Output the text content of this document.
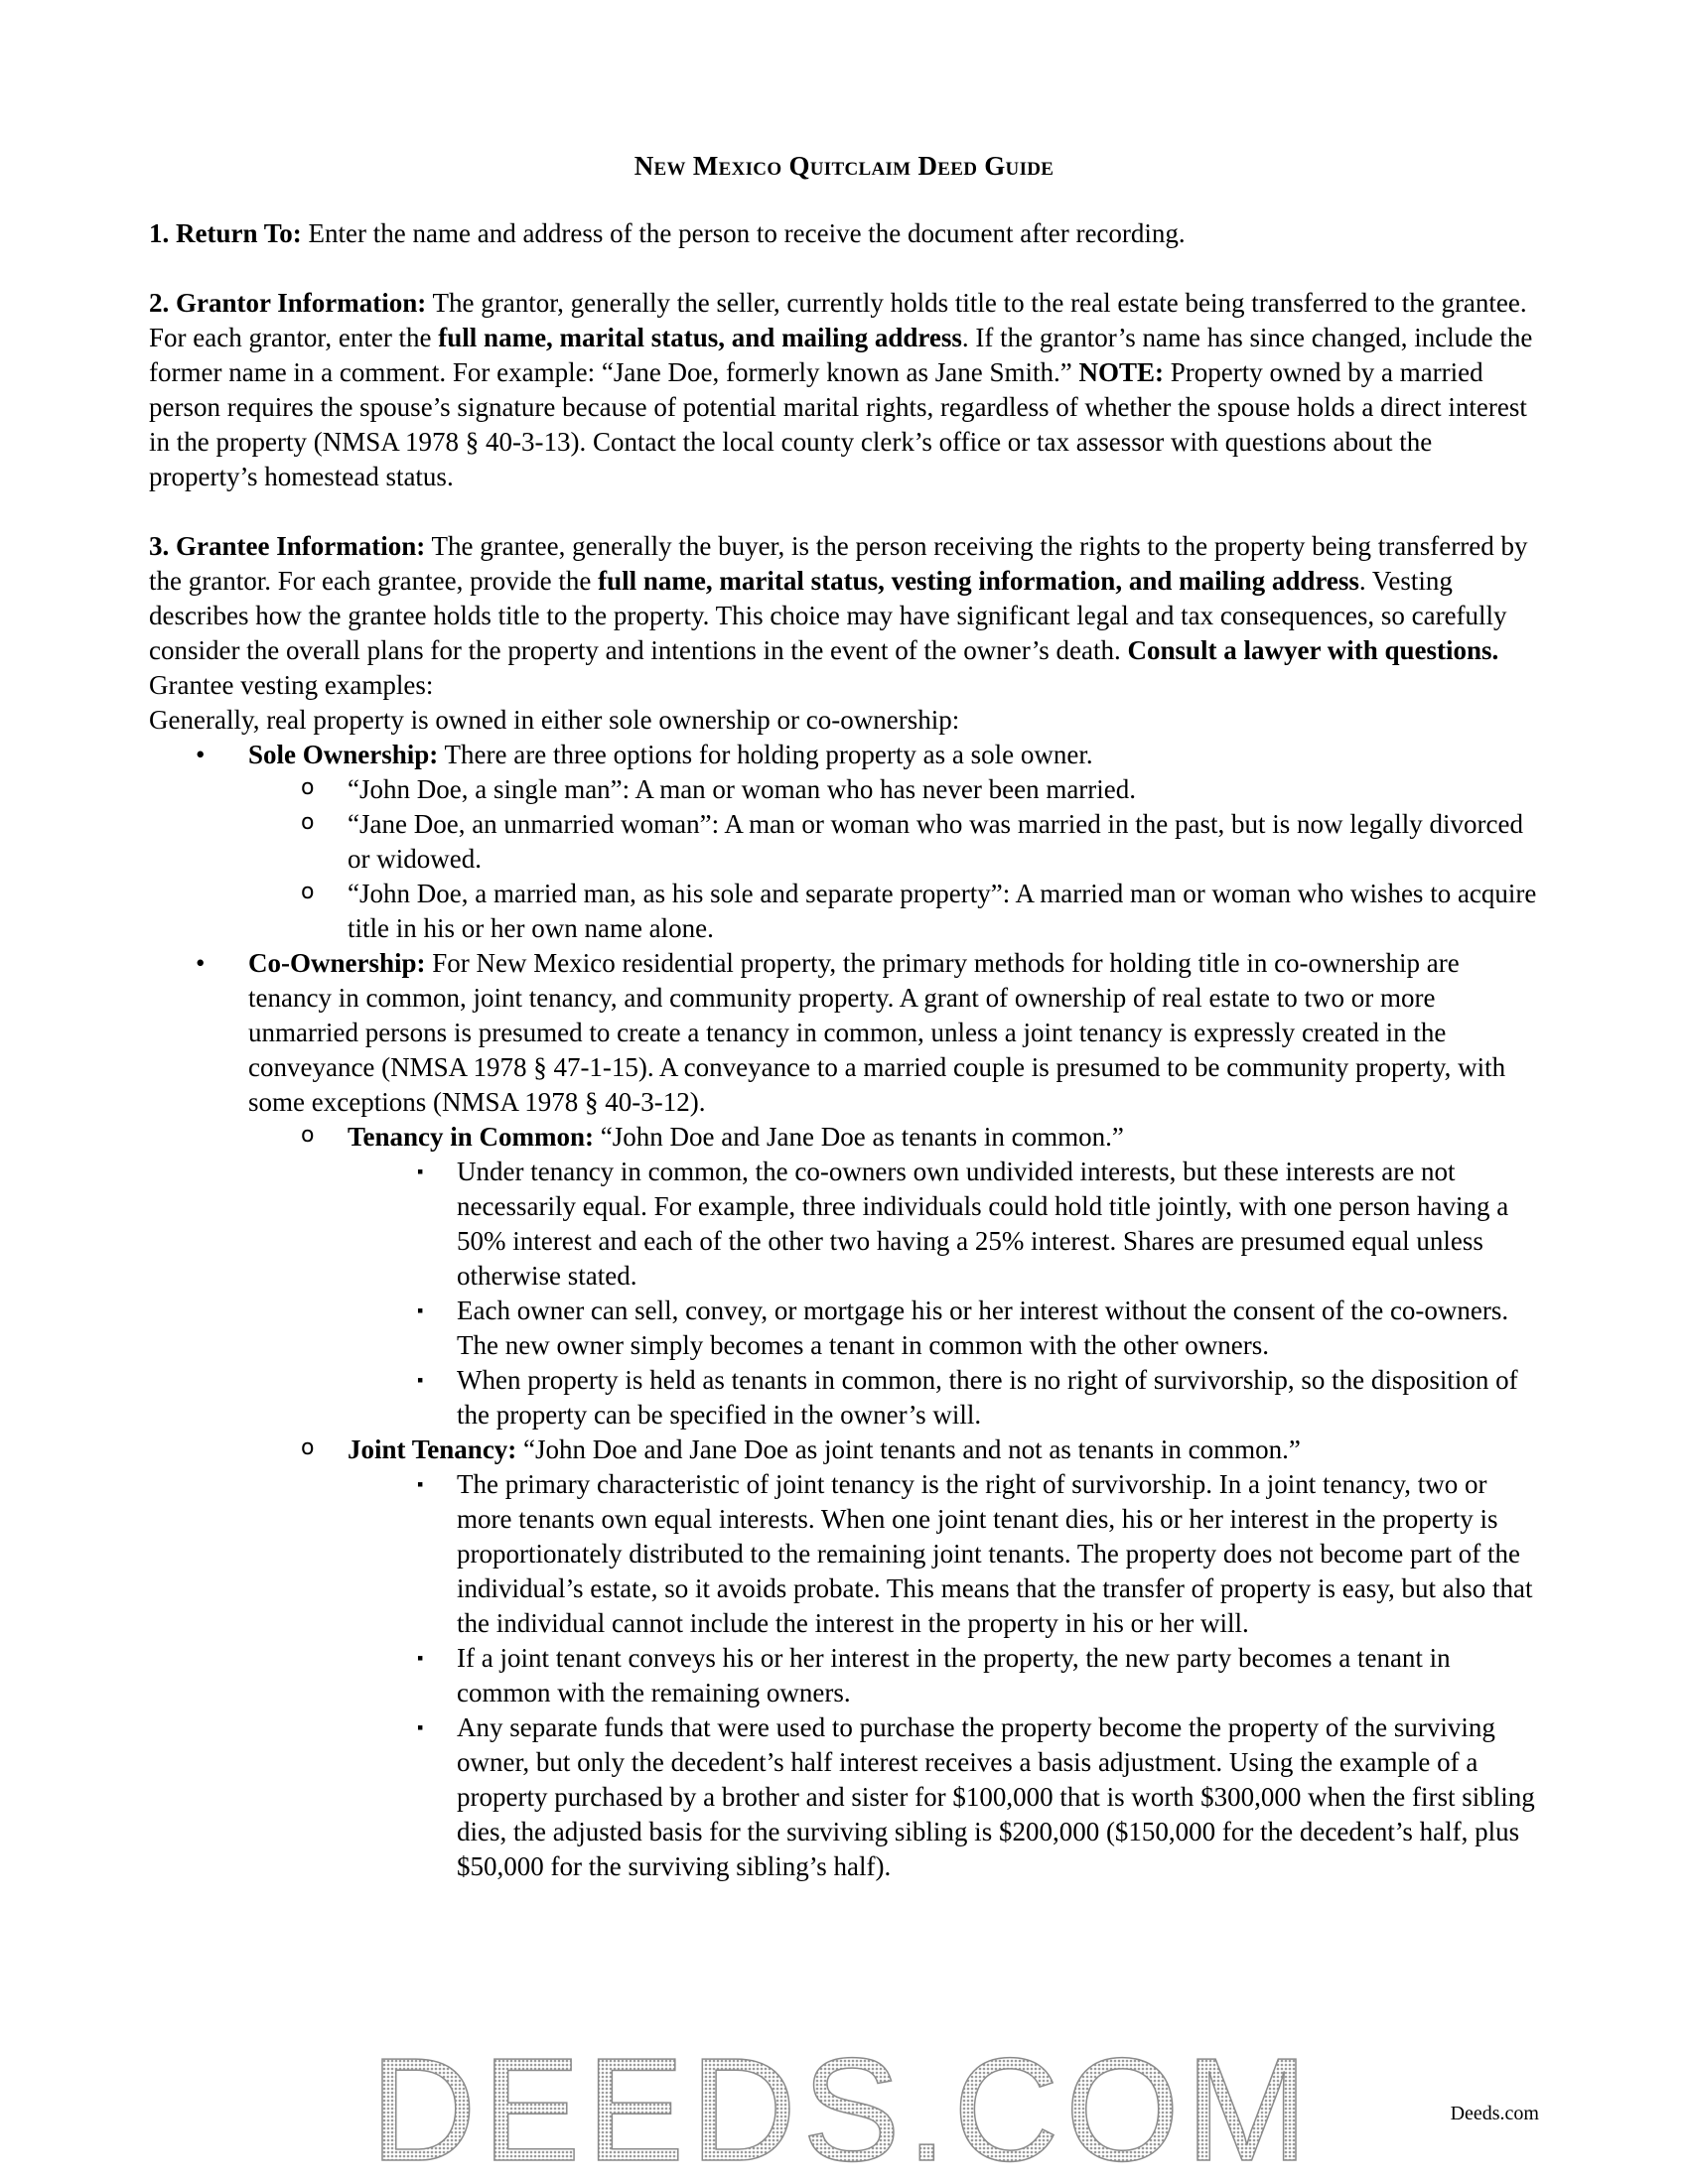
New Mexico Quitclaim Deed Guide

1. Return To: Enter the name and address of the person to receive the document after recording.

2. Grantor Information: The grantor, generally the seller, currently holds title to the real estate being transferred to the grantee. For each grantor, enter the full name, marital status, and mailing address. If the grantor’s name has since changed, include the former name in a comment. For example: “Jane Doe, formerly known as Jane Smith.” NOTE: Property owned by a married person requires the spouse’s signature because of potential marital rights, regardless of whether the spouse holds a direct interest in the property (NMSA 1978 § 40-3-13). Contact the local county clerk’s office or tax assessor with questions about the property’s homestead status.

3. Grantee Information: The grantee, generally the buyer, is the person receiving the rights to the property being transferred by the grantor. For each grantee, provide the full name, marital status, vesting information, and mailing address. Vesting describes how the grantee holds title to the property. This choice may have significant legal and tax consequences, so carefully consider the overall plans for the property and intentions in the event of the owner’s death. Consult a lawyer with questions.

Grantee vesting examples:

Generally, real property is owned in either sole ownership or co-ownership:

• Sole Ownership: There are three options for holding property as a sole owner.
o “John Doe, a single man”: A man or woman who has never been married.
o “Jane Doe, an unmarried woman”: A man or woman who was married in the past, but is now legally divorced or widowed.
o “John Doe, a married man, as his sole and separate property”: A married man or woman who wishes to acquire title in his or her own name alone.
• Co-Ownership: For New Mexico residential property, the primary methods for holding title in co-ownership are tenancy in common, joint tenancy, and community property. A grant of ownership of real estate to two or more unmarried persons is presumed to create a tenancy in common, unless a joint tenancy is expressly created in the conveyance (NMSA 1978 § 47-1-15). A conveyance to a married couple is presumed to be community property, with some exceptions (NMSA 1978 § 40-3-12).
o Tenancy in Common: “John Doe and Jane Doe as tenants in common.”
▪ Under tenancy in common, the co-owners own undivided interests, but these interests are not necessarily equal. For example, three individuals could hold title jointly, with one person having a 50% interest and each of the other two having a 25% interest. Shares are presumed equal unless otherwise stated.
▪ Each owner can sell, convey, or mortgage his or her interest without the consent of the co-owners. The new owner simply becomes a tenant in common with the other owners.
▪ When property is held as tenants in common, there is no right of survivorship, so the disposition of the property can be specified in the owner’s will.
o Joint Tenancy: “John Doe and Jane Doe as joint tenants and not as tenants in common.”
▪ The primary characteristic of joint tenancy is the right of survivorship. In a joint tenancy, two or more tenants own equal interests. When one joint tenant dies, his or her interest in the property is proportionately distributed to the remaining joint tenants. The property does not become part of the individual’s estate, so it avoids probate. This means that the transfer of property is easy, but also that the individual cannot include the interest in the property in his or her will.
▪ If a joint tenant conveys his or her interest in the property, the new party becomes a tenant in common with the remaining owners.
▪ Any separate funds that were used to purchase the property become the property of the surviving owner, but only the decedent’s half interest receives a basis adjustment. Using the example of a property purchased by a brother and sister for $100,000 that is worth $300,000 when the first sibling dies, the adjusted basis for the surviving sibling is $200,000 ($150,000 for the decedent’s half, plus $50,000 for the surviving sibling’s half).
DEEDS.COM	Deeds.com
